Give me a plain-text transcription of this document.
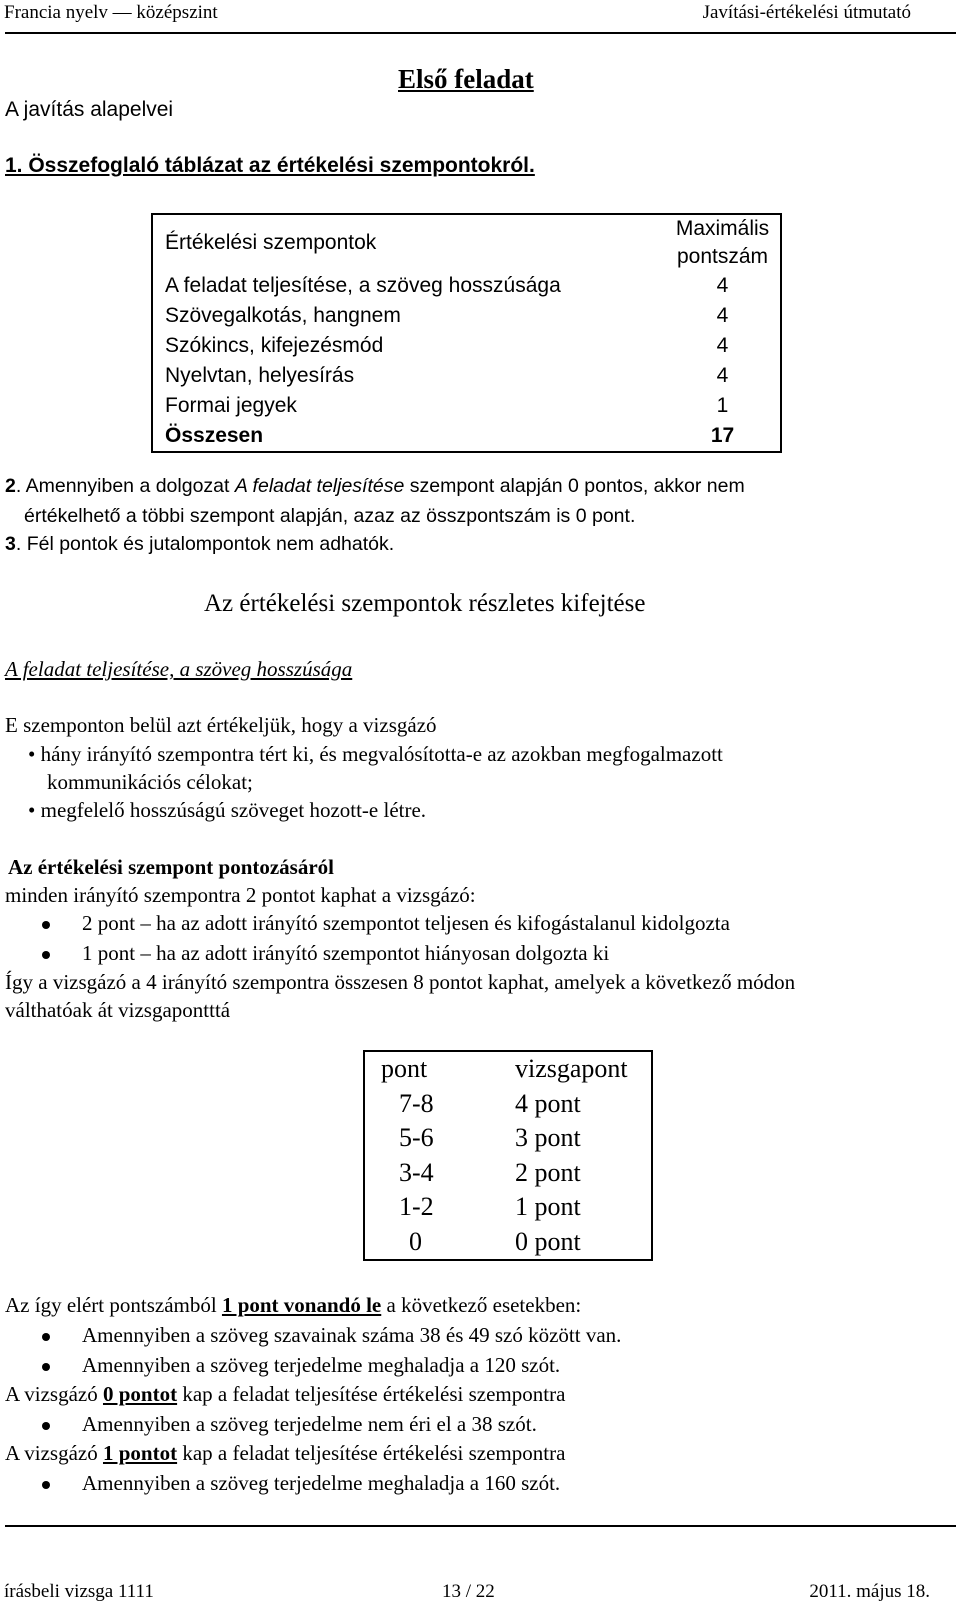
Francia nyelv — középszint	Javítási-értékelési útmutató
Első feladat
A javítás alapelvei
1. Összefoglaló táblázat az értékelési szempontokról.
Értékelési szempontok	Maximális
pontszám
A feladat teljesítése, a szöveg hosszúsága	4
Szövegalkotás, hangnem	4
Szókincs, kifejezésmód	4
Nyelvtan, helyesírás	4
Formai jegyek	1
Összesen	17
2. Amennyiben a dolgozat A feladat teljesítése szempont alapján 0 pontos, akkor nem
értékelhető a többi szempont alapján, azaz az összpontszám is 0 pont.
3. Fél pontok és jutalompontok nem adhatók.
Az értékelési szempontok részletes kifejtése
A feladat teljesítése, a szöveg hosszúsága
E szemponton belül azt értékeljük, hogy a vizsgázó
• hány irányító szempontra tért ki, és megvalósította-e az azokban megfogalmazott
kommunikációs célokat;
• megfelelő hosszúságú szöveget hozott-e létre.
Az értékelési szempont pontozásáról
minden irányító szempontra 2 pontot kaphat a vizsgázó:
2 pont – ha az adott irányító szempontot teljesen és kifogástalanul kidolgozta
1 pont – ha az adott irányító szempontot hiányosan dolgozta ki
Így a vizsgázó a 4 irányító szempontra összesen 8 pontot kaphat, amelyek a következő módon
válthatóak át vizsgapontttá
pont	vizsgapont
7-8	4 pont
5-6	3 pont
3-4	2 pont
1-2	1 pont
0	0 pont
Az így elért pontszámból 1 pont vonandó le a következő esetekben:
Amennyiben a szöveg szavainak száma 38 és 49 szó között van.
Amennyiben a szöveg terjedelme meghaladja a 120 szót.
A vizsgázó 0 pontot kap a feladat teljesítése értékelési szempontra
Amennyiben a szöveg terjedelme nem éri el a 38 szót.
A vizsgázó 1 pontot kap a feladat teljesítése értékelési szempontra
Amennyiben a szöveg terjedelme meghaladja a 160 szót.
írásbeli vizsga 1111	13 / 22	2011. május 18.
